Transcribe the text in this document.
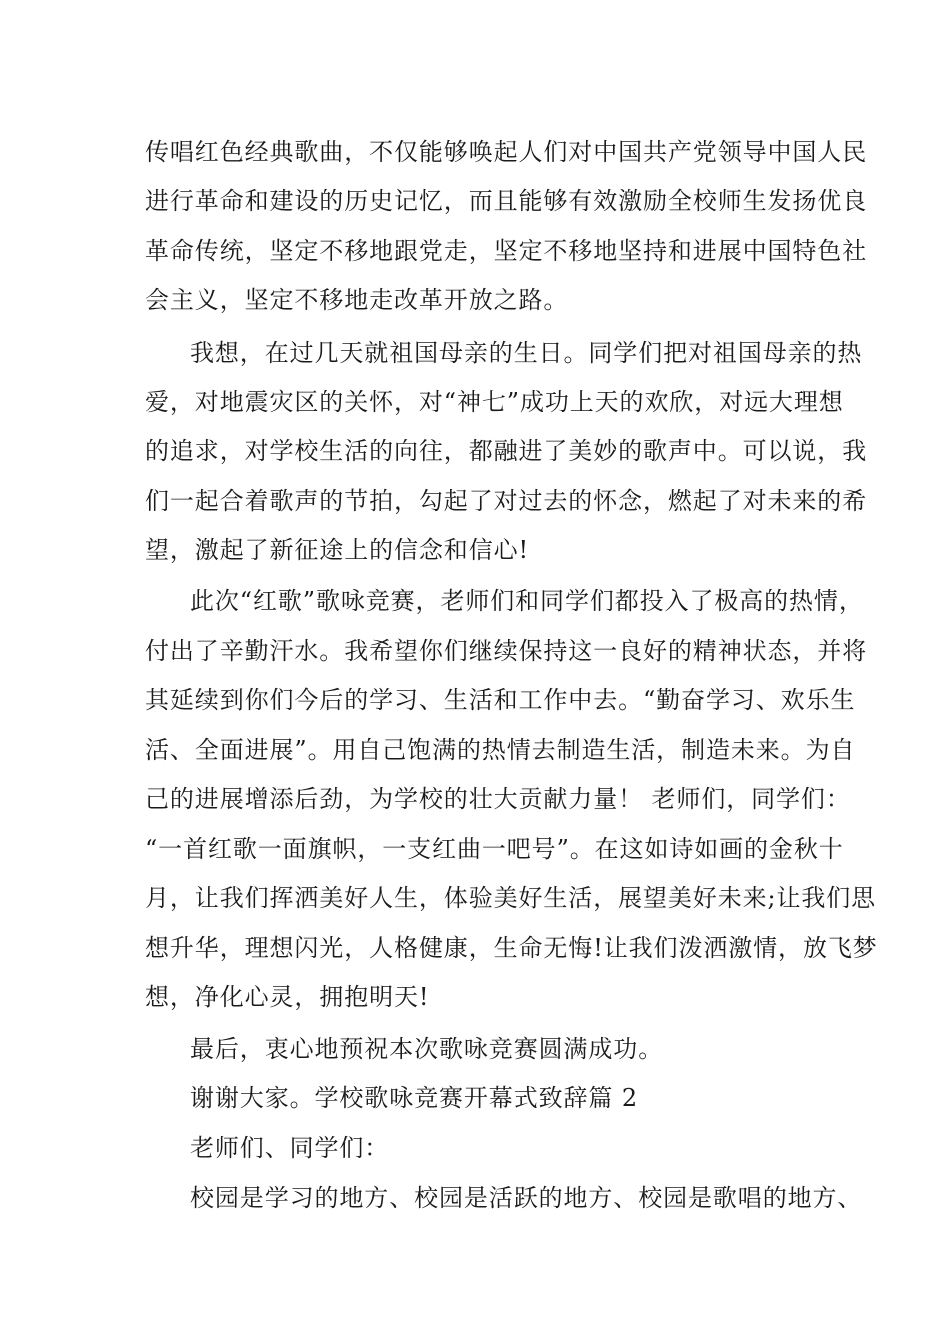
传唱红色经典歌曲，不仅能够唤起人们对中国共产党领导中国人民
进行革命和建设的历史记忆，而且能够有效激励全校师生发扬优良
革命传统，坚定不移地跟党走，坚定不移地坚持和进展中国特色社
会主义，坚定不移地走改革开放之路。
我想，在过几天就祖国母亲的生日。同学们把对祖国母亲的热
爱，对地震灾区的关怀，对“神七”成功上天的欢欣，对远大理想
的追求，对学校生活的向往，都融进了美妙的歌声中。可以说，我
们一起合着歌声的节拍，勾起了对过去的怀念，燃起了对未来的希
望，激起了新征途上的信念和信心!
此次“红歌”歌咏竞赛，老师们和同学们都投入了极高的热情，
付出了辛勤汗水。我希望你们继续保持这一良好的精神状态，并将
其延续到你们今后的学习、生活和工作中去。“勤奋学习、欢乐生
活、全面进展”。用自己饱满的热情去制造生活，制造未来。为自
己的进展增添后劲，为学校的壮大贡献力量！ 老师们，同学们：
“一首红歌一面旗帜，一支红曲一吧号”。在这如诗如画的金秋十
月，让我们挥洒美好人生，体验美好生活，展望美好未来;让我们思
想升华，理想闪光，人格健康，生命无悔!让我们泼洒激情，放飞梦
想，净化心灵，拥抱明天!
最后，衷心地预祝本次歌咏竞赛圆满成功。
谢谢大家。学校歌咏竞赛开幕式致辞篇 2
老师们、同学们：
校园是学习的地方、校园是活跃的地方、校园是歌唱的地方、
